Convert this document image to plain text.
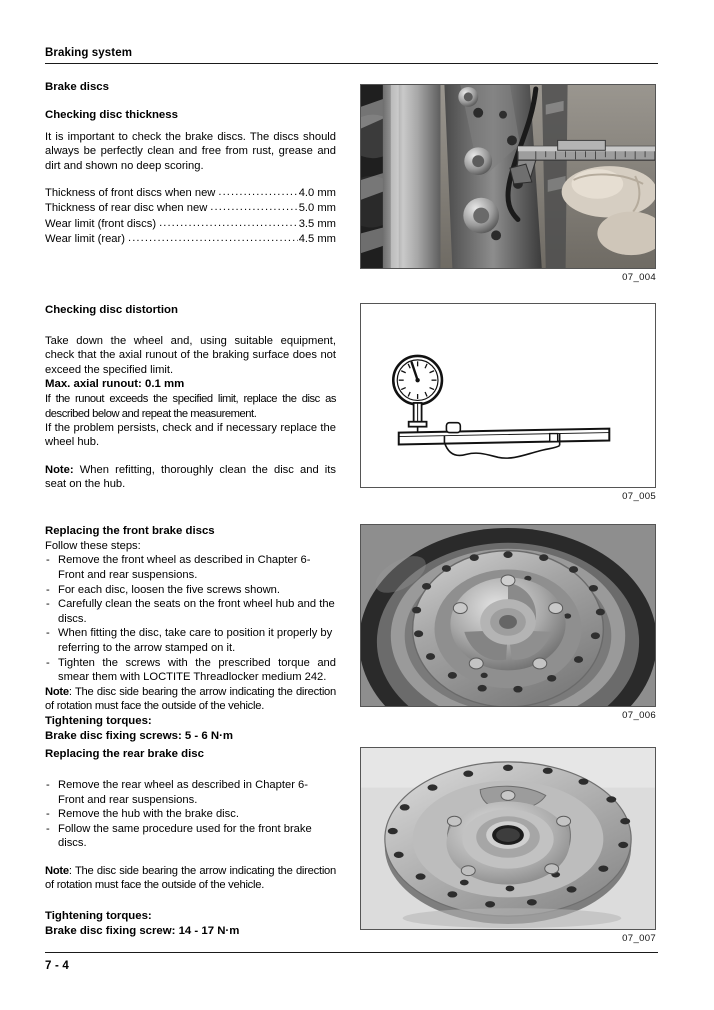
Braking system

Brake discs

Checking disc thickness

It is important to check the brake discs. The discs should always be perfectly clean and free from rust, grease and dirt and shown no deep scoring.

Thickness of front discs when new .....	4.0 mm
Thickness of rear disc when new .....	5.0 mm
Wear limit (front discs) .....	3.5 mm
Wear limit (rear) .....	4.5 mm

Checking disc distortion

Take down the wheel and, using suitable equipment, check that the axial runout of the braking surface does not exceed the specified limit.

Max. axial runout: 0.1 mm

If the runout exceeds the specified limit, replace the disc as described below and repeat the measurement.

If the problem persists, check and if necessary replace the wheel hub.

Note: When refitting, thoroughly clean the disc and its seat on the hub.

Replacing the front brake discs

Follow these steps:

- Remove the front wheel as described in Chapter 6- Front and rear suspensions.
- For each disc, loosen the five screws shown.
- Carefully clean the seats on the front wheel hub and the discs.
- When fitting the disc, take care to position it properly by referring to the arrow stamped on it.
- Tighten the screws with the prescribed torque and smear them with LOCTITE Threadlocker medium 242.

Note: The disc side bearing the arrow indicating the direction of rotation must face the outside of the vehicle.

Tightening torques:

Brake disc fixing screws: 5 - 6 N·m

Replacing the rear brake disc

- Remove the rear wheel as described in Chapter 6- Front and rear suspensions.
- Remove the hub with the brake disc.
- Follow the same procedure used for the front brake discs.

Note: The disc side bearing the arrow indicating the direction of rotation must face the outside of the vehicle.

Tightening torques:

Brake disc fixing screw: 14 - 17 N·m

07_004
07_005
07_006
07_007
7 - 4
